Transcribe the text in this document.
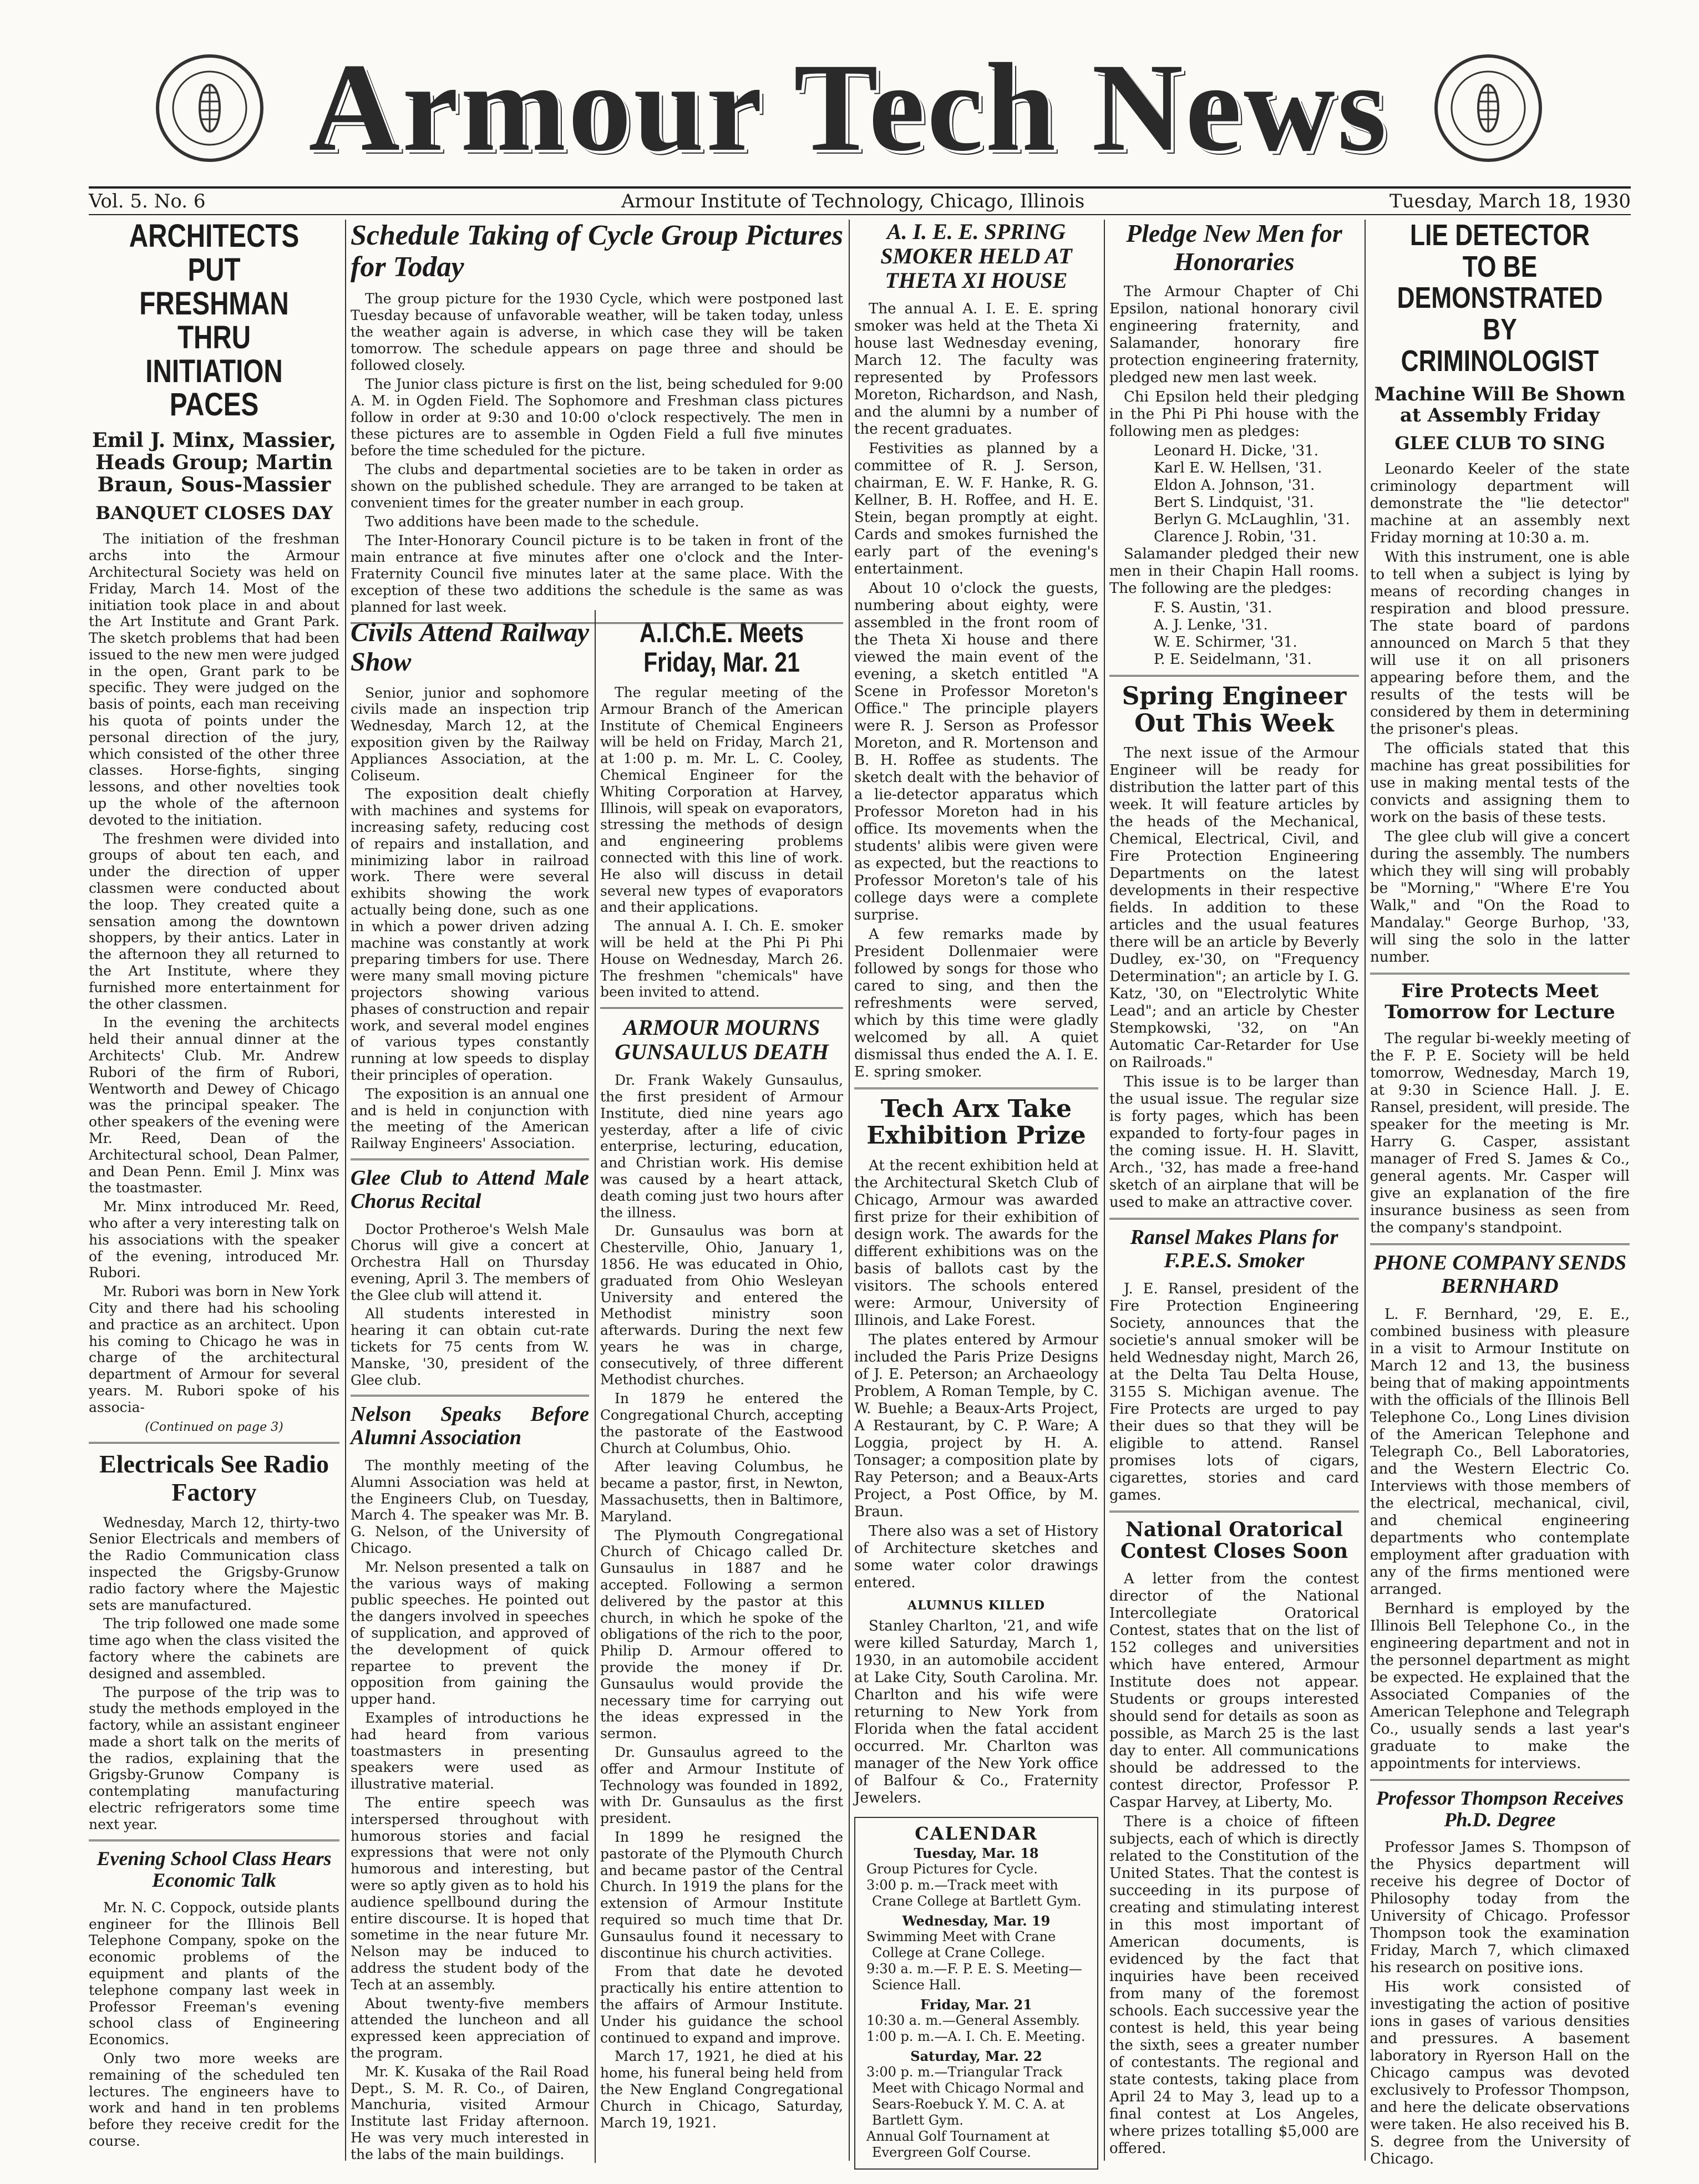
Armour Tech News
Vol. 5. No. 6	Armour Institute of Technology, Chicago, Illinois	Tuesday, March 18, 1930
ARCHITECTS PUT FRESHMAN THRU INITIATION PACES
Emil J. Minx, Massier, Heads Group; Martin Braun, Sous-Massier
BANQUET CLOSES DAY

The initiation of the freshman archs into the Armour Architectural Society was held on Friday, March 14. Most of the initiation took place in and about the Art Institute and Grant Park. The sketch problems that had been issued to the new men were judged in the open, Grant park to be specific. They were judged on the basis of points, each man receiving his quota of points under the personal direction of the jury, which consisted of the other three classes. Horse-fights, singing lessons, and other novelties took up the whole of the afternoon devoted to the initiation.

The freshmen were divided into groups of about ten each, and under the direction of upper classmen were conducted about the loop. They created quite a sensation among the downtown shoppers, by their antics. Later in the afternoon they all returned to the Art Institute, where they furnished more entertainment for the other classmen.

In the evening the architects held their annual dinner at the Architects' Club. Mr. Andrew Rubori of the firm of Rubori, Wentworth and Dewey of Chicago was the principal speaker. The other speakers of the evening were Mr. Reed, Dean of the Architectural school, Dean Palmer, and Dean Penn. Emil J. Minx was the toastmaster.

Mr. Minx introduced Mr. Reed, who after a very interesting talk on his associations with the speaker of the evening, introduced Mr. Rubori.

Mr. Rubori was born in New York City and there had his schooling and practice as an architect. Upon his coming to Chicago he was in charge of the architectural department of Armour for several years. M. Rubori spoke of his associa-

(Continued on page 3)
Electricals See Radio Factory

Wednesday, March 12, thirty-two Senior Electricals and members of the Radio Communication class inspected the Grigsby-Grunow radio factory where the Majestic sets are manufactured.

The trip followed one made some time ago when the class visited the factory where the cabinets are designed and assembled.

The purpose of the trip was to study the methods employed in the factory, while an assistant engineer made a short talk on the merits of the radios, explaining that the Grigsby-Grunow Company is contemplating manufacturing electric refrigerators some time next year.

Evening School Class Hears Economic Talk

Mr. N. C. Coppock, outside plants engineer for the Illinois Bell Telephone Company, spoke on the economic problems of the equipment and plants of the telephone company last week in Professor Freeman's evening school class of Engineering Economics.

Only two more weeks are remaining of the scheduled ten lectures. The engineers have to work and hand in ten problems before they receive credit for the course.

Schedule Taking of Cycle Group Pictures for Today

The group picture for the 1930 Cycle, which were postponed last Tuesday because of unfavorable weather, will be taken today, unless the weather again is adverse, in which case they will be taken tomorrow. The schedule appears on page three and should be followed closely.

The Junior class picture is first on the list, being scheduled for 9:00 A. M. in Ogden Field. The Sophomore and Freshman class pictures follow in order at 9:30 and 10:00 o'clock respectively. The men in these pictures are to assemble in Ogden Field a full five minutes before the time scheduled for the picture.

The clubs and departmental societies are to be taken in order as shown on the published schedule. They are arranged to be taken at convenient times for the greater number in each group.

Two additions have been made to the schedule.

The Inter-Honorary Council picture is to be taken in front of the main entrance at five minutes after one o'clock and the Inter-Fraternity Council five minutes later at the same place. With the exception of these two additions the schedule is the same as was planned for last week.

Civils Attend Railway Show

Senior, junior and sophomore civils made an inspection trip Wednesday, March 12, at the exposition given by the Railway Appliances Association, at the Coliseum.

The exposition dealt chiefly with machines and systems for increasing safety, reducing cost of repairs and installation, and minimizing labor in railroad work. There were several exhibits showing the work actually being done, such as one in which a power driven adzing machine was constantly at work preparing timbers for use. There were many small moving picture projectors showing various phases of construction and repair work, and several model engines of various types constantly running at low speeds to display their principles of operation.

The exposition is an annual one and is held in conjunction with the meeting of the American Railway Engineers' Association.

Glee Club to Attend Male Chorus Recital

Doctor Protheroe's Welsh Male Chorus will give a concert at Orchestra Hall on Thursday evening, April 3. The members of the Glee club will attend it.

All students interested in hearing it can obtain cut-rate tickets for 75 cents from W. Manske, '30, president of the Glee club.

Nelson Speaks Before Alumni Association

The monthly meeting of the Alumni Association was held at the Engineers Club, on Tuesday, March 4. The speaker was Mr. B. G. Nelson, of the University of Chicago.

Mr. Nelson presented a talk on the various ways of making public speeches. He pointed out the dangers involved in speeches of supplication, and approved of the development of quick repartee to prevent the opposition from gaining the upper hand.

Examples of introductions he had heard from various toastmasters in presenting speakers were used as illustrative material.

The entire speech was interspersed throughout with humorous stories and facial expressions that were not only humorous and interesting, but were so aptly given as to hold his audience spellbound during the entire discourse. It is hoped that sometime in the near future Mr. Nelson may be induced to address the student body of the Tech at an assembly.

About twenty-five members attended the luncheon and all expressed keen appreciation of the program.

Mr. K. Kusaka of the Rail Road Dept., S. M. R. Co., of Dairen, Manchuria, visited Armour Institute last Friday afternoon. He was very much interested in the labs of the main buildings.

A.I.Ch.E. Meets Friday, Mar. 21

The regular meeting of the Armour Branch of the American Institute of Chemical Engineers will be held on Friday, March 21, at 1:00 p. m. Mr. L. C. Cooley, Chemical Engineer for the Whiting Corporation at Harvey, Illinois, will speak on evaporators, stressing the methods of design and engineering problems connected with this line of work. He also will discuss in detail several new types of evaporators and their applications.

The annual A. I. Ch. E. smoker will be held at the Phi Pi Phi House on Wednesday, March 26. The freshmen "chemicals" have been invited to attend.

ARMOUR MOURNS GUNSAULUS DEATH

Dr. Frank Wakely Gunsaulus, the first president of Armour Institute, died nine years ago yesterday, after a life of civic enterprise, lecturing, education, and Christian work. His demise was caused by a heart attack, death coming just two hours after the illness.

Dr. Gunsaulus was born at Chesterville, Ohio, January 1, 1856. He was educated in Ohio, graduated from Ohio Wesleyan University and entered the Methodist ministry soon afterwards. During the next few years he was in charge, consecutively, of three different Methodist churches.

In 1879 he entered the Congregational Church, accepting the pastorate of the Eastwood Church at Columbus, Ohio.

After leaving Columbus, he became a pastor, first, in Newton, Massachusetts, then in Baltimore, Maryland.

The Plymouth Congregational Church of Chicago called Dr. Gunsaulus in 1887 and he accepted. Following a sermon delivered by the pastor at this church, in which he spoke of the obligations of the rich to the poor, Philip D. Armour offered to provide the money if Dr. Gunsaulus would provide the necessary time for carrying out the ideas expressed in the sermon.

Dr. Gunsaulus agreed to the offer and Armour Institute of Technology was founded in 1892, with Dr. Gunsaulus as the first president.

In 1899 he resigned the pastorate of the Plymouth Church and became pastor of the Central Church. In 1919 the plans for the extension of Armour Institute required so much time that Dr. Gunsaulus found it necessary to discontinue his church activities.

From that date he devoted practically his entire attention to the affairs of Armour Institute. Under his guidance the school continued to expand and improve.

March 17, 1921, he died at his home, his funeral being held from the New England Congregational Church in Chicago, Saturday, March 19, 1921.

A. I. E. E. SPRING SMOKER HELD AT THETA XI HOUSE

The annual A. I. E. E. spring smoker was held at the Theta Xi house last Wednesday evening, March 12. The faculty was represented by Professors Moreton, Richardson, and Nash, and the alumni by a number of the recent graduates.

Festivities as planned by a committee of R. J. Serson, chairman, E. W. F. Hanke, R. G. Kellner, B. H. Roffee, and H. E. Stein, began promptly at eight. Cards and smokes furnished the early part of the evening's entertainment.

About 10 o'clock the guests, numbering about eighty, were assembled in the front room of the Theta Xi house and there viewed the main event of the evening, a sketch entitled "A Scene in Professor Moreton's Office." The principle players were R. J. Serson as Professor Moreton, and R. Mortenson and B. H. Roffee as students. The sketch dealt with the behavior of a lie-detector apparatus which Professor Moreton had in his office. Its movements when the students' alibis were given were as expected, but the reactions to Professor Moreton's tale of his college days were a complete surprise.

A few remarks made by President Dollenmaier were followed by songs for those who cared to sing, and then the refreshments were served, which by this time were gladly welcomed by all. A quiet dismissal thus ended the A. I. E. E. spring smoker.

Tech Arx Take Exhibition Prize

At the recent exhibition held at the Architectural Sketch Club of Chicago, Armour was awarded first prize for their exhibition of design work. The awards for the different exhibitions was on the basis of ballots cast by the visitors. The schools entered were: Armour, University of Illinois, and Lake Forest.

The plates entered by Armour included the Paris Prize Designs of J. E. Peterson; an Archaeology Problem, A Roman Temple, by C. W. Buehle; a Beaux-Arts Project, A Restaurant, by C. P. Ware; A Loggia, project by H. A. Tonsager; a composition plate by Ray Peterson; and a Beaux-Arts Project, a Post Office, by M. Braun.

There also was a set of History of Architecture sketches and some water color drawings entered.

ALUMNUS KILLED

Stanley Charlton, '21, and wife were killed Saturday, March 1, 1930, in an automobile accident at Lake City, South Carolina. Mr. Charlton and his wife were returning to New York from Florida when the fatal accident occurred. Mr. Charlton was manager of the New York office of Balfour & Co., Fraternity Jewelers.

CALENDAR
Tuesday, Mar. 18
Group Pictures for Cycle.
3:00 p. m.—Track meet with Crane College at Bartlett Gym.
Wednesday, Mar. 19
Swimming Meet with Crane College at Crane College.
9:30 a. m.—F. P. E. S. Meeting—Science Hall.
Friday, Mar. 21
10:30 a. m.—General Assembly.
1:00 p. m.—A. I. Ch. E. Meeting.
Saturday, Mar. 22
3:00 p. m.—Triangular Track Meet with Chicago Normal and Sears-Roebuck Y. M. C. A. at Bartlett Gym.
Annual Golf Tournament at Evergreen Golf Course.
Pledge New Men for Honoraries

The Armour Chapter of Chi Epsilon, national honorary civil engineering fraternity, and Salamander, honorary fire protection engineering fraternity, pledged new men last week.

Chi Epsilon held their pledging in the Phi Pi Phi house with the following men as pledges:

Leonard H. Dicke, '31.
Karl E. W. Hellsen, '31.
Eldon A. Johnson, '31.
Bert S. Lindquist, '31.
Berlyn G. McLaughlin, '31.
Clarence J. Robin, '31.

Salamander pledged their new men in their Chapin Hall rooms. The following are the pledges:

F. S. Austin, '31.
A. J. Lenke, '31.
W. E. Schirmer, '31.
P. E. Seidelmann, '31.
Spring Engineer Out This Week

The next issue of the Armour Engineer will be ready for distribution the latter part of this week. It will feature articles by the heads of the Mechanical, Chemical, Electrical, Civil, and Fire Protection Engineering Departments on the latest developments in their respective fields. In addition to these articles and the usual features there will be an article by Beverly Dudley, ex-'30, on "Frequency Determination"; an article by I. G. Katz, '30, on "Electrolytic White Lead"; and an article by Chester Stempkowski, '32, on "An Automatic Car-Retarder for Use on Railroads."

This issue is to be larger than the usual issue. The regular size is forty pages, which has been expanded to forty-four pages in the coming issue. H. H. Slavitt, Arch., '32, has made a free-hand sketch of an airplane that will be used to make an attractive cover.

Ransel Makes Plans for F.P.E.S. Smoker

J. E. Ransel, president of the Fire Protection Engineering Society, announces that the societie's annual smoker will be held Wednesday night, March 26, at the Delta Tau Delta House, 3155 S. Michigan avenue. The Fire Protects are urged to pay their dues so that they will be eligible to attend. Ransel promises lots of cigars, cigarettes, stories and card games.

National Oratorical Contest Closes Soon

A letter from the contest director of the National Intercollegiate Oratorical Contest, states that on the list of 152 colleges and universities which have entered, Armour Institute does not appear. Students or groups interested should send for details as soon as possible, as March 25 is the last day to enter. All communications should be addressed to the contest director, Professor P. Caspar Harvey, at Liberty, Mo.

There is a choice of fifteen subjects, each of which is directly related to the Constitution of the United States. That the contest is succeeding in its purpose of creating and stimulating interest in this most important of American documents, is evidenced by the fact that inquiries have been received from many of the foremost schools. Each successive year the contest is held, this year being the sixth, sees a greater number of contestants. The regional and state contests, taking place from April 24 to May 3, lead up to a final contest at Los Angeles, where prizes totalling $5,000 are offered.

LIE DETECTOR TO BE DEMONSTRATED BY CRIMINOLOGIST
Machine Will Be Shown at Assembly Friday
GLEE CLUB TO SING

Leonardo Keeler of the state criminology department will demonstrate the "lie detector" machine at an assembly next Friday morning at 10:30 a. m.

With this instrument, one is able to tell when a subject is lying by means of recording changes in respiration and blood pressure. The state board of pardons announced on March 5 that they will use it on all prisoners appearing before them, and the results of the tests will be considered by them in determining the prisoner's pleas.

The officials stated that this machine has great possibilities for use in making mental tests of the convicts and assigning them to work on the basis of these tests.

The glee club will give a concert during the assembly. The numbers which they will sing will probably be "Morning," "Where E're You Walk," and "On the Road to Mandalay." George Burhop, '33, will sing the solo in the latter number.

Fire Protects Meet Tomorrow for Lecture

The regular bi-weekly meeting of the F. P. E. Society will be held tomorrow, Wednesday, March 19, at 9:30 in Science Hall. J. E. Ransel, president, will preside. The speaker for the meeting is Mr. Harry G. Casper, assistant manager of Fred S. James & Co., general agents. Mr. Casper will give an explanation of the fire insurance business as seen from the company's standpoint.

PHONE COMPANY SENDS BERNHARD

L. F. Bernhard, '29, E. E., combined business with pleasure in a visit to Armour Institute on March 12 and 13, the business being that of making appointments with the officials of the Illinois Bell Telephone Co., Long Lines division of the American Telephone and Telegraph Co., Bell Laboratories, and the Western Electric Co. Interviews with those members of the electrical, mechanical, civil, and chemical engineering departments who contemplate employment after graduation with any of the firms mentioned were arranged.

Bernhard is employed by the Illinois Bell Telephone Co., in the engineering department and not in the personnel department as might be expected. He explained that the Associated Companies of the American Telephone and Telegraph Co., usually sends a last year's graduate to make the appointments for interviews.

Professor Thompson Receives Ph.D. Degree

Professor James S. Thompson of the Physics department will receive his degree of Doctor of Philosophy today from the University of Chicago. Professor Thompson took the examination Friday, March 7, which climaxed his research on positive ions.

His work consisted of investigating the action of positive ions in gases of various densities and pressures. A basement laboratory in Ryerson Hall on the Chicago campus was devoted exclusively to Professor Thompson, and here the delicate observations were taken. He also received his B. S. degree from the University of Chicago.
